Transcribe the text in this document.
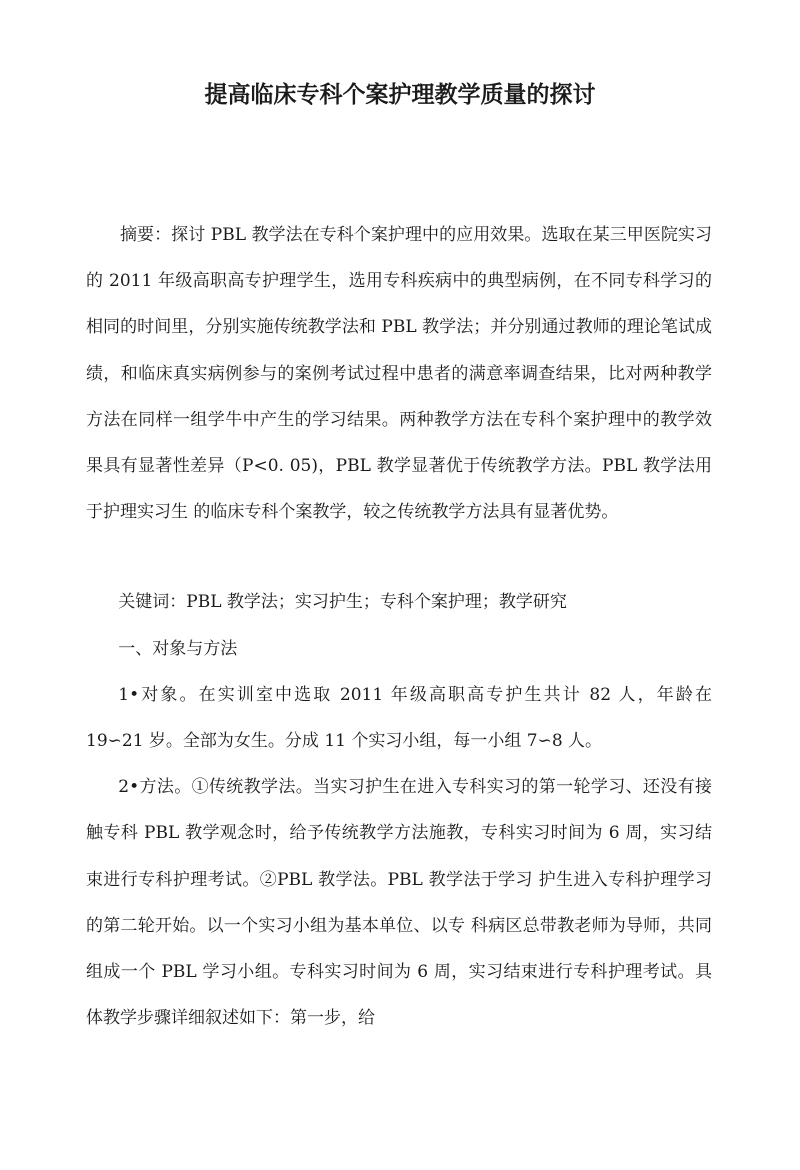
提高临床专科个案护理教学质量的探讨

摘要：探讨 PBL 教学法在专科个案护理中的应用效果。选取在某三甲医院实习的 2011 年级高职高专护理学生，选用专科疾病中的典型病例，在不同专科学习的相同的时间里，分别实施传统教学法和 PBL 教学法；并分别通过教师的理论笔试成绩，和临床真实病例参与的案例考试过程中患者的满意率调查结果，比对两种教学方法在同样一组学牛中产生的学习结果。两种教学方法在专科个案护理中的教学效果具有显著性差异（P<0. 05)，PBL 教学显著优于传统教学方法。PBL 教学法用于护理实习生 的临床专科个案教学，较之传统教学方法具有显著优势。

关键词：PBL 教学法；实习护生；专科个案护理；教学研究

一、对象与方法

1•对象。在实训室中选取 2011 年级高职高专护生共计 82 人，年龄在 19∽21 岁。全部为女生。分成 11 个实习小组，每一小组 7∽8 人。

2•方法。①传统教学法。当实习护生在进入专科实习的第一轮学习、还没有接触专科 PBL 教学观念时，给予传统教学方法施教，专科实习时间为 6 周，实习结束进行专科护理考试。②PBL 教学法。PBL 教学法于学习 护生进入专科护理学习的第二轮开始。以一个实习小组为基本单位、以专 科病区总带教老师为导师，共同组成一个 PBL 学习小组。专科实习时间为 6 周，实习结束进行专科护理考试。具体教学步骤详细叙述如下：第一步，给
